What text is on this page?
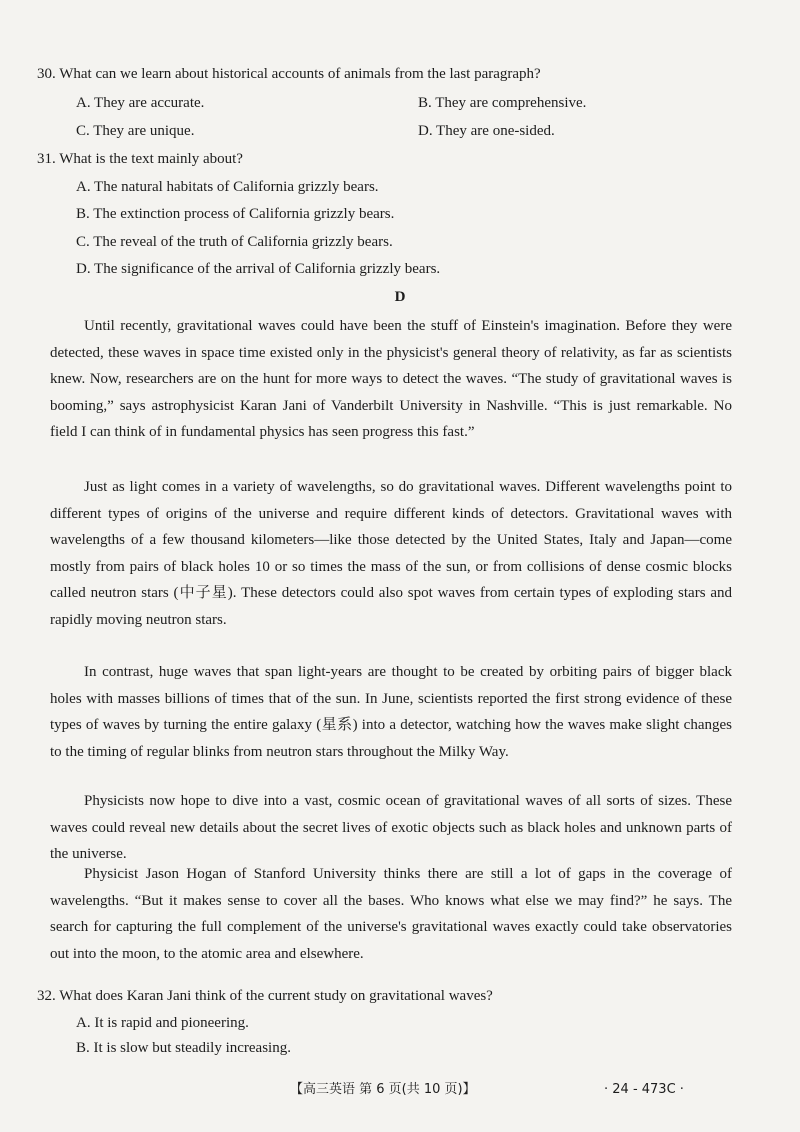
30. What can we learn about historical accounts of animals from the last paragraph?
A. They are accurate.	B. They are comprehensive.
C. They are unique.	D. They are one-sided.
31. What is the text mainly about?
A. The natural habitats of California grizzly bears.
B. The extinction process of California grizzly bears.
C. The reveal of the truth of California grizzly bears.
D. The significance of the arrival of California grizzly bears.
D

Until recently, gravitational waves could have been the stuff of Einstein's imagination. Before they were detected, these waves in space time existed only in the physicist's general theory of relativity, as far as scientists knew. Now, researchers are on the hunt for more ways to detect the waves. “The study of gravitational waves is booming,” says astrophysicist Karan Jani of Vanderbilt University in Nashville. “This is just remarkable. No field I can think of in fundamental physics has seen progress this fast.”

Just as light comes in a variety of wavelengths, so do gravitational waves. Different wavelengths point to different types of origins of the universe and require different kinds of detectors. Gravitational waves with wavelengths of a few thousand kilometers—like those detected by the United States, Italy and Japan—come mostly from pairs of black holes 10 or so times the mass of the sun, or from collisions of dense cosmic blocks called neutron stars (中子星). These detectors could also spot waves from certain types of exploding stars and rapidly moving neutron stars.

In contrast, huge waves that span light-years are thought to be created by orbiting pairs of bigger black holes with masses billions of times that of the sun. In June, scientists reported the first strong evidence of these types of waves by turning the entire galaxy (星系) into a detector, watching how the waves make slight changes to the timing of regular blinks from neutron stars throughout the Milky Way.

Physicists now hope to dive into a vast, cosmic ocean of gravitational waves of all sorts of sizes. These waves could reveal new details about the secret lives of exotic objects such as black holes and unknown parts of the universe.

Physicist Jason Hogan of Stanford University thinks there are still a lot of gaps in the coverage of wavelengths. “But it makes sense to cover all the bases. Who knows what else we may find?” he says. The search for capturing the full complement of the universe's gravitational waves exactly could take observatories out into the moon, to the atomic area and elsewhere.

32. What does Karan Jani think of the current study on gravitational waves?
A. It is rapid and pioneering.
B. It is slow but steadily increasing.
【高三英语 第 6 页(共 10 页)】	· 24 - 473C ·
